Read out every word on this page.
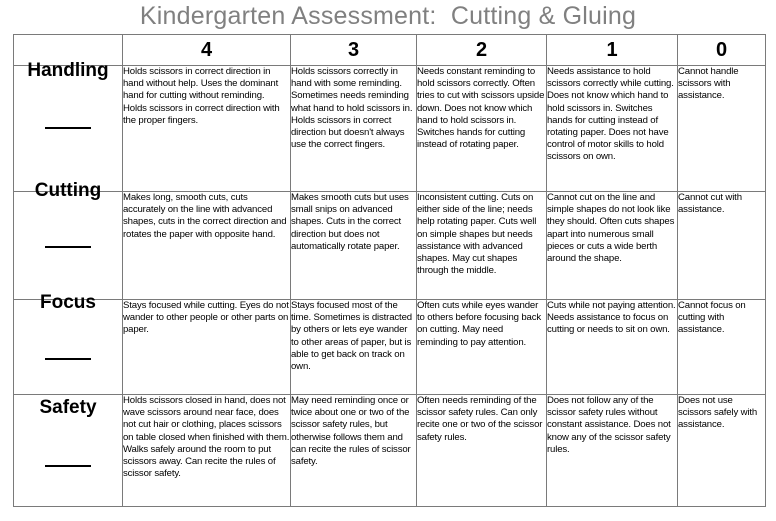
Kindergarten Assessment:  Cutting & Gluing
	4	3	2	1	0

Handling	Holds scissors in correct direction in hand without help. Uses the dominant hand for cutting without reminding. Holds scissors in correct direction with the proper fingers.	Holds scissors correctly in hand with some reminding. Sometimes needs reminding what hand to hold scissors in. Holds scissors in correct direction but doesn't always use the correct fingers.	Needs constant reminding to hold scissors correctly. Often tries to cut with scissors upside down. Does not know which hand to hold scissors in. Switches hands for cutting instead of rotating paper.	Needs assistance to hold scissors correctly while cutting. Does not know which hand to hold scissors in. Switches hands for cutting instead of rotating paper. Does not have control of motor skills to hold scissors on own.	Cannot handle scissors with assistance.

Cutting	Makes long, smooth cuts, cuts accurately on the line with advanced shapes, cuts in the correct direction and rotates the paper with opposite hand.	Makes smooth cuts but uses small snips on advanced shapes. Cuts in the correct direction but does not automatically rotate paper.	Inconsistent cutting. Cuts on either side of the line; needs help rotating paper. Cuts well on simple shapes but needs assistance with advanced shapes. May cut shapes through the middle.	Cannot cut on the line and simple shapes do not look like they should. Often cuts shapes apart into numerous small pieces or cuts a wide berth around the shape.	Cannot cut with assistance.

Focus	Stays focused while cutting. Eyes do not wander to other people or other parts on paper.	Stays focused most of the time. Sometimes is distracted by others or lets eye wander to other areas of paper, but is able to get back on track on own.	Often cuts while eyes wander to others before focusing back on cutting. May need reminding to pay attention.	Cuts while not paying attention. Needs assistance to focus on cutting or needs to sit on own.	Cannot focus on cutting with assistance.

Safety	Holds scissors closed in hand, does not wave scissors around near face, does not cut hair or clothing, places scissors on table closed when finished with them. Walks safely around the room to put scissors away. Can recite the rules of scissor safety.	May need reminding once or twice about one or two of the scissor safety rules, but otherwise follows them and can recite the rules of scissor safety.	Often needs reminding of the scissor safety rules. Can only recite one or two of the scissor safety rules.	Does not follow any of the scissor safety rules without constant assistance. Does not know any of the scissor safety rules.	Does not use scissors safely with assistance.
